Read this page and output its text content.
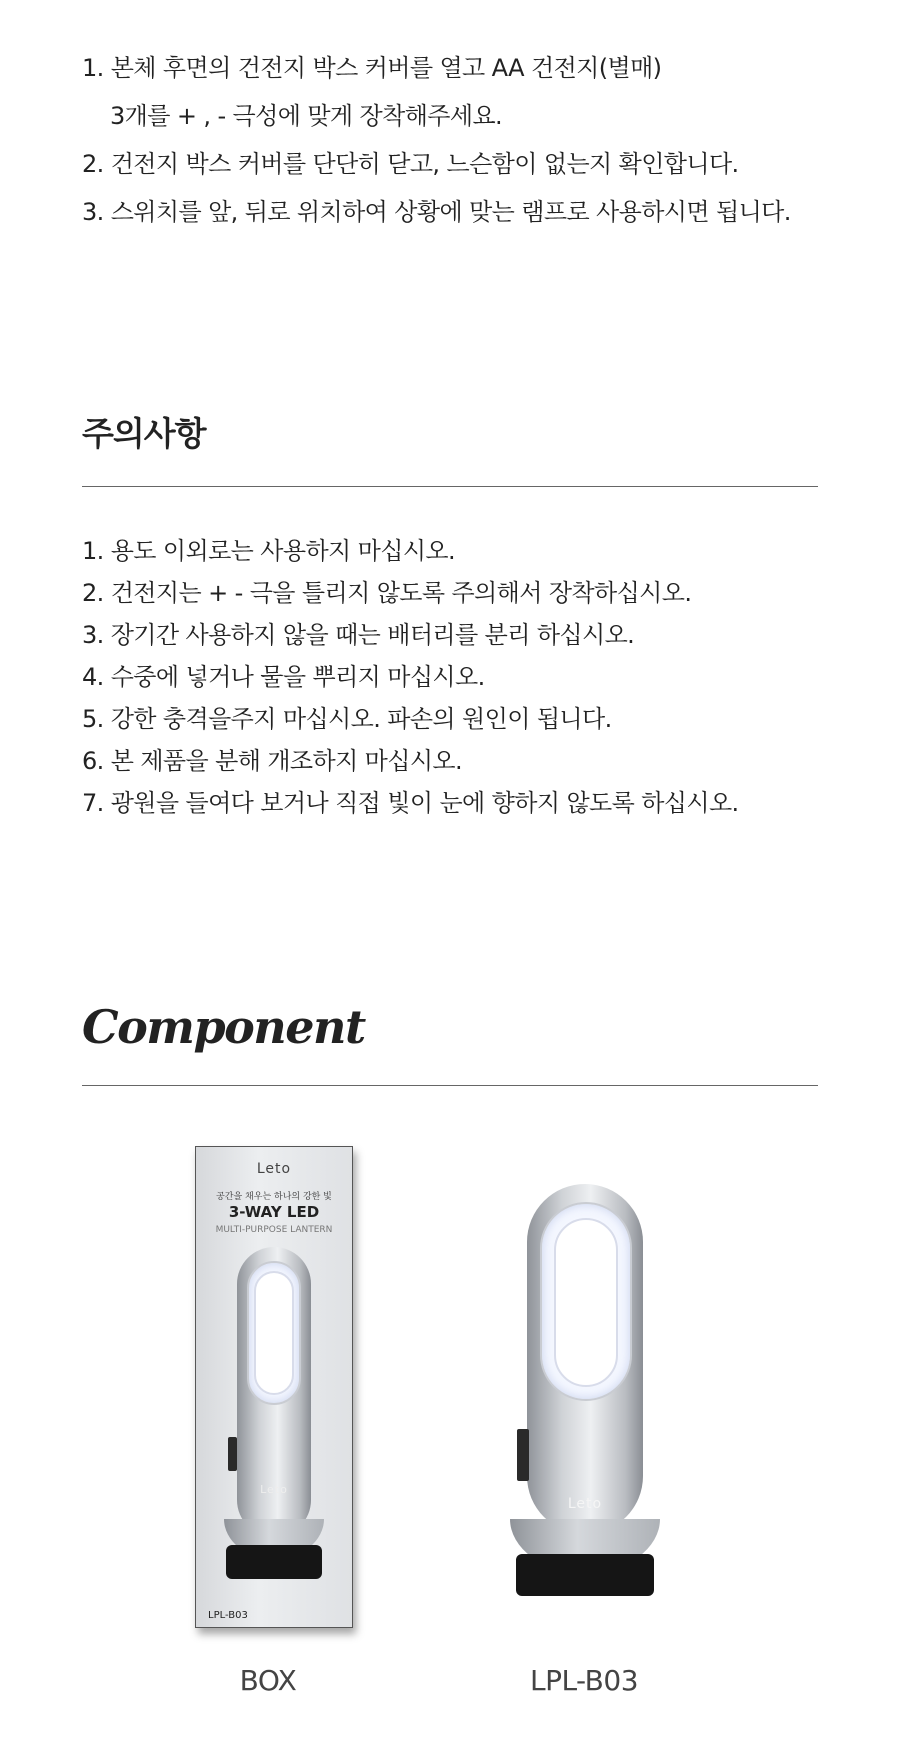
1. 본체 후면의 건전지 박스 커버를 열고 AA 건전지(별매)

3개를 + , - 극성에 맞게 장착해주세요.

2. 건전지 박스 커버를 단단히 닫고, 느슨함이 없는지 확인합니다.

3. 스위치를 앞, 뒤로 위치하여 상황에 맞는 램프로 사용하시면 됩니다.

주의사항

1. 용도 이외로는 사용하지 마십시오.

2. 건전지는 + - 극을 틀리지 않도록 주의해서 장착하십시오.

3. 장기간 사용하지 않을 때는 배터리를 분리 하십시오.

4. 수중에 넣거나 물을 뿌리지 마십시오.

5. 강한 충격을주지 마십시오. 파손의 원인이 됩니다.

6. 본 제품을 분해 개조하지 마십시오.

7. 광원을 들여다 보거나 직접 빛이 눈에 향하지 않도록 하십시오.

Component
Leto
공간을 채우는 하나의 강한 빛
3-WAY LED
MULTI-PURPOSE LANTERN
Leto
LPL-B03
BOX
Leto
LPL-B03
